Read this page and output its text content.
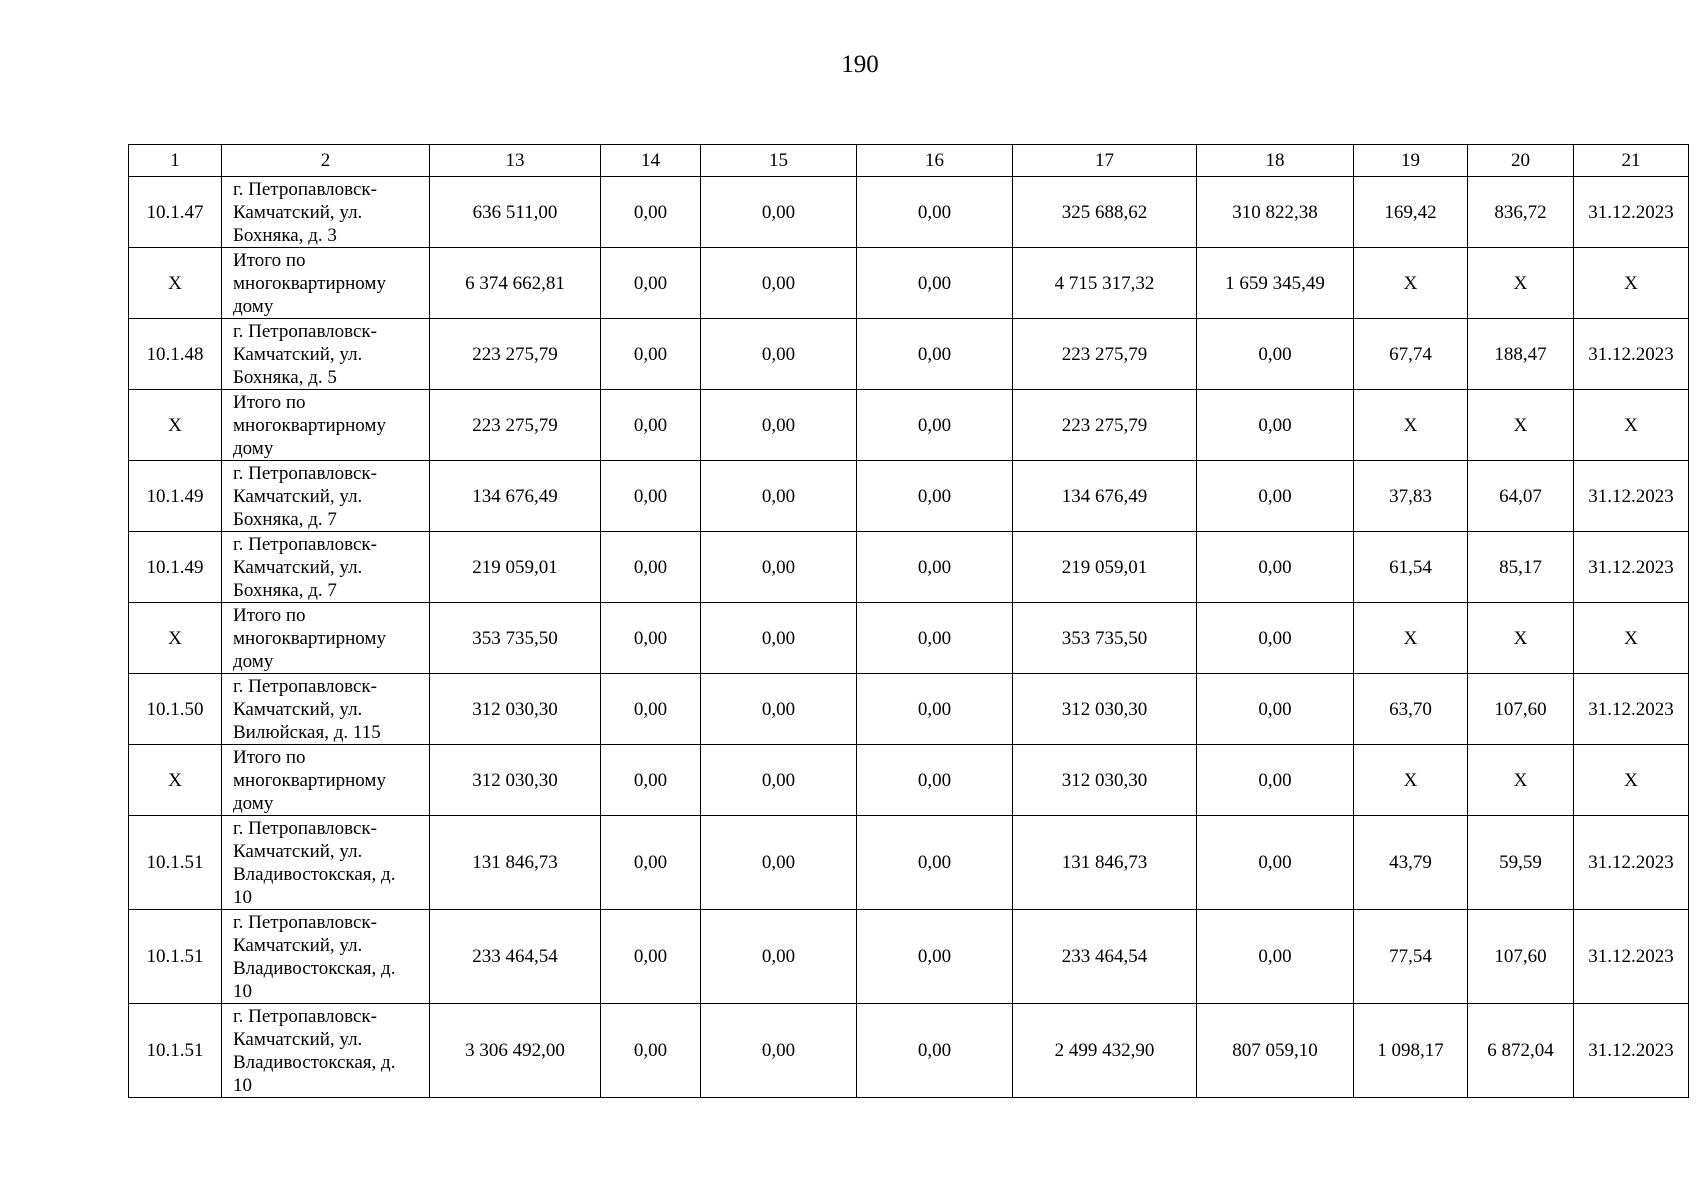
190
1	2	13	14	15	16	17	18	19	20	21
10.1.47	г. Петропавловск-
Камчатский, ул.
Бохняка, д. 3	636 511,00	0,00	0,00	0,00	325 688,62	310 822,38	169,42	836,72	31.12.2023
X	Итого по
многоквартирному
дому	6 374 662,81	0,00	0,00	0,00	4 715 317,32	1 659 345,49	X	X	X
10.1.48	г. Петропавловск-
Камчатский, ул.
Бохняка, д. 5	223 275,79	0,00	0,00	0,00	223 275,79	0,00	67,74	188,47	31.12.2023
X	Итого по
многоквартирному
дому	223 275,79	0,00	0,00	0,00	223 275,79	0,00	X	X	X
10.1.49	г. Петропавловск-
Камчатский, ул.
Бохняка, д. 7	134 676,49	0,00	0,00	0,00	134 676,49	0,00	37,83	64,07	31.12.2023
10.1.49	г. Петропавловск-
Камчатский, ул.
Бохняка, д. 7	219 059,01	0,00	0,00	0,00	219 059,01	0,00	61,54	85,17	31.12.2023
X	Итого по
многоквартирному
дому	353 735,50	0,00	0,00	0,00	353 735,50	0,00	X	X	X
10.1.50	г. Петропавловск-
Камчатский, ул.
Вилюйская, д. 115	312 030,30	0,00	0,00	0,00	312 030,30	0,00	63,70	107,60	31.12.2023
X	Итого по
многоквартирному
дому	312 030,30	0,00	0,00	0,00	312 030,30	0,00	X	X	X
10.1.51	г. Петропавловск-
Камчатский, ул.
Владивостокская, д.
10	131 846,73	0,00	0,00	0,00	131 846,73	0,00	43,79	59,59	31.12.2023
10.1.51	г. Петропавловск-
Камчатский, ул.
Владивостокская, д.
10	233 464,54	0,00	0,00	0,00	233 464,54	0,00	77,54	107,60	31.12.2023
10.1.51	г. Петропавловск-
Камчатский, ул.
Владивостокская, д.
10	3 306 492,00	0,00	0,00	0,00	2 499 432,90	807 059,10	1 098,17	6 872,04	31.12.2023
